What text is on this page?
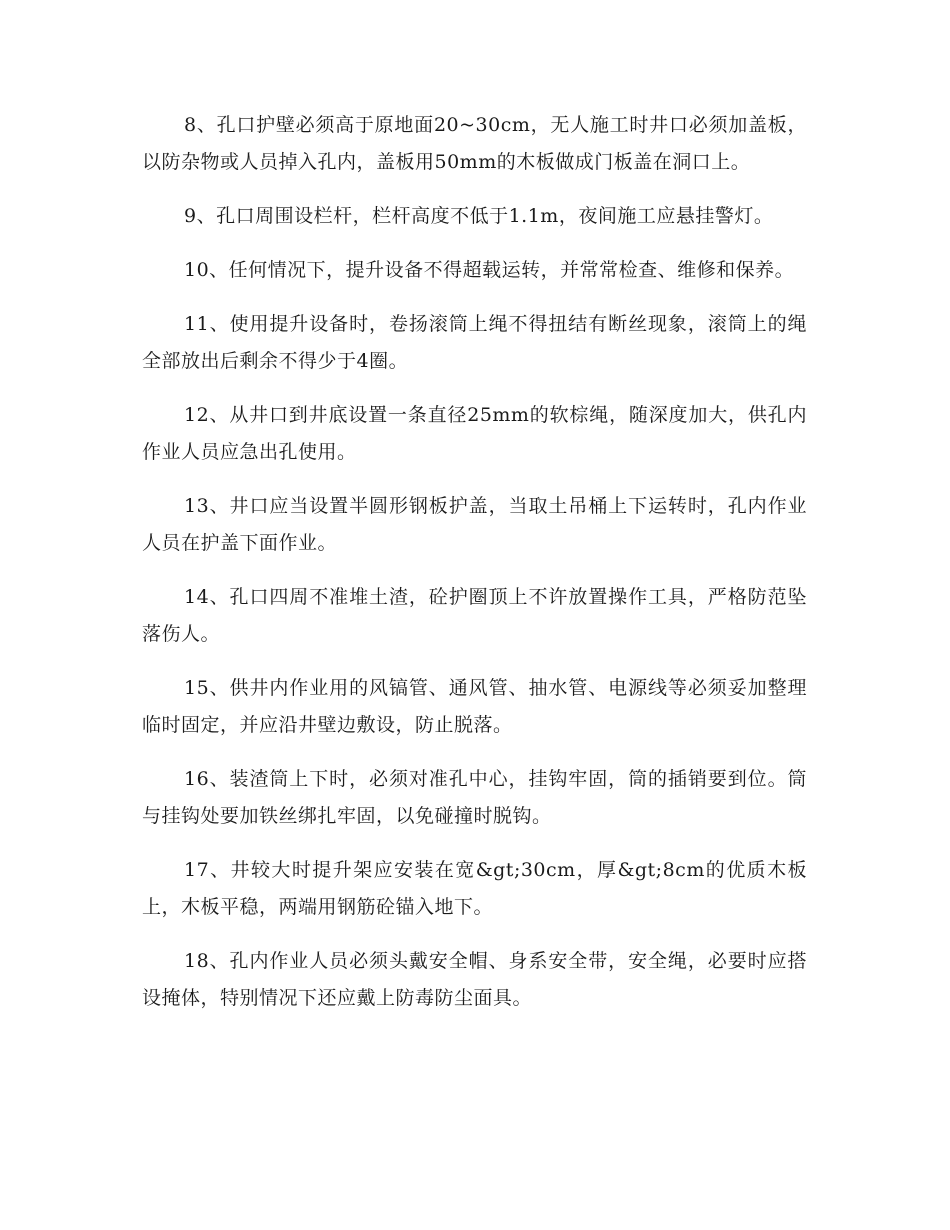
8、孔口护壁必须高于原地面20~30cm，无人施工时井口必须加盖板，以防杂物或人员掉入孔内，盖板用50mm的木板做成门板盖在洞口上。

9、孔口周围设栏杆，栏杆高度不低于1.1m，夜间施工应悬挂警灯。

10、任何情况下，提升设备不得超载运转，并常常检查、维修和保养。

11、使用提升设备时，卷扬滚筒上绳不得扭结有断丝现象，滚筒上的绳全部放出后剩余不得少于4圈。

12、从井口到井底设置一条直径25mm的软棕绳，随深度加大，供孔内作业人员应急出孔使用。

13、井口应当设置半圆形钢板护盖，当取土吊桶上下运转时，孔内作业人员在护盖下面作业。

14、孔口四周不准堆土渣，砼护圈顶上不许放置操作工具，严格防范坠落伤人。

15、供井内作业用的风镐管、通风管、抽水管、电源线等必须妥加整理临时固定，并应沿井壁边敷设，防止脱落。

16、装渣筒上下时，必须对准孔中心，挂钩牢固，筒的插销要到位。筒与挂钩处要加铁丝绑扎牢固，以免碰撞时脱钩。

17、井较大时提升架应安装在宽&gt;30cm，厚&gt;8cm的优质木板上，木板平稳，两端用钢筋砼锚入地下。

18、孔内作业人员必须头戴安全帽、身系安全带，安全绳，必要时应搭设掩体，特别情况下还应戴上防毒防尘面具。
